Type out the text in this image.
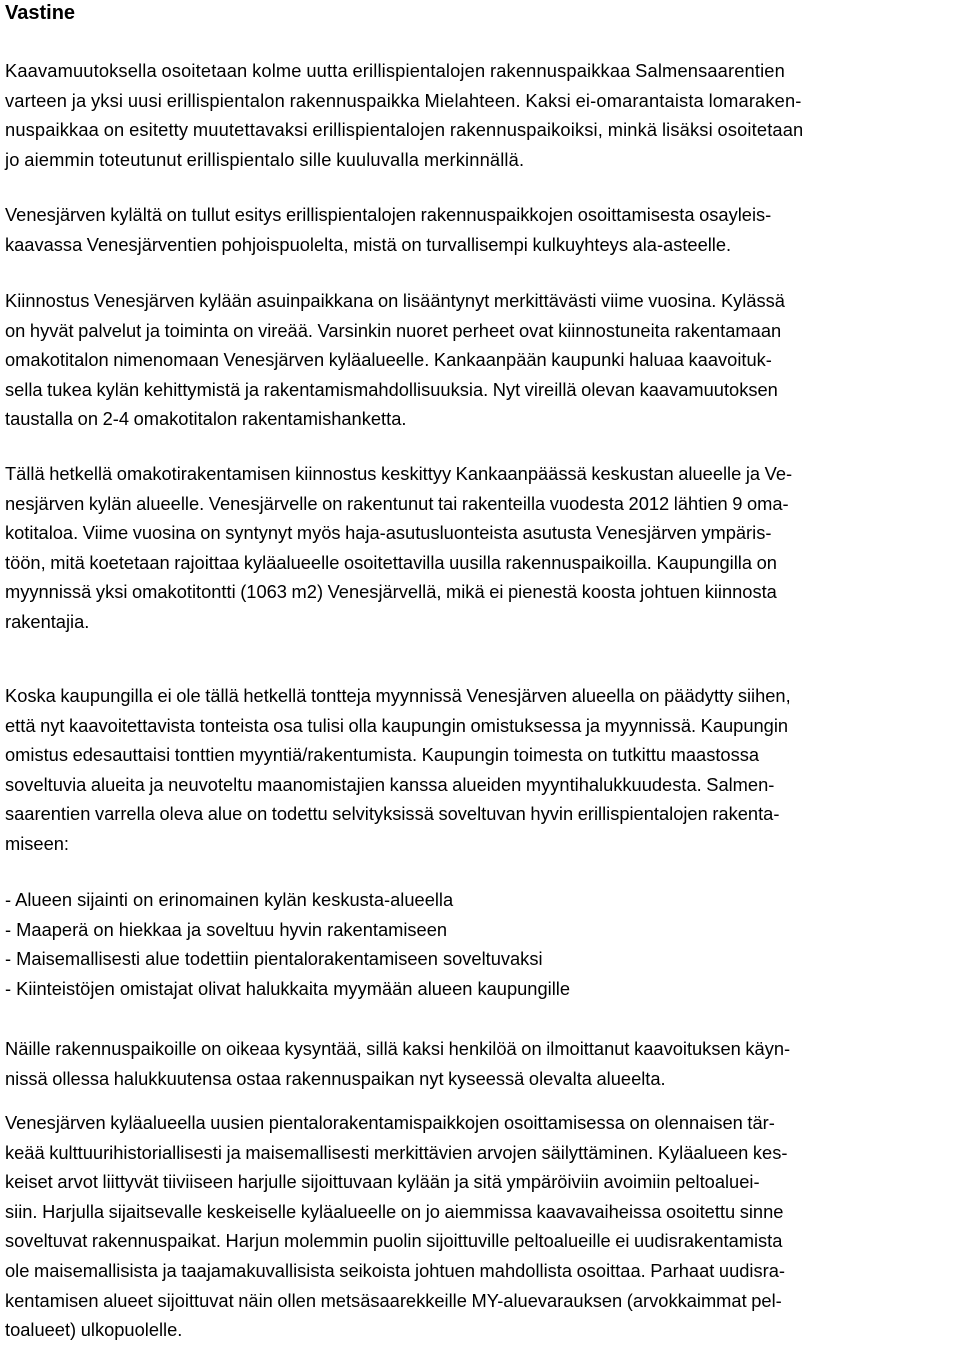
Vastine

Kaavamuutoksella osoitetaan kolme uutta erillispientalojen rakennuspaikkaa Salmensaarentien
varteen ja yksi uusi erillispientalon rakennuspaikka Mielahteen. Kaksi ei-omarantaista lomaraken-
nuspaikkaa on esitetty muutettavaksi erillispientalojen rakennuspaikoiksi, minkä lisäksi osoitetaan
jo aiemmin toteutunut erillispientalo sille kuuluvalla merkinnällä.

Venesjärven kylältä on tullut esitys erillispientalojen rakennuspaikkojen osoittamisesta osayleis-
kaavassa Venesjärventien pohjoispuolelta, mistä on turvallisempi kulkuyhteys ala-asteelle.

Kiinnostus Venesjärven kylään asuinpaikkana on lisääntynyt merkittävästi viime vuosina. Kylässä
on hyvät palvelut ja toiminta on vireää. Varsinkin nuoret perheet ovat kiinnostuneita rakentamaan
omakotitalon nimenomaan Venesjärven kyläalueelle. Kankaanpään kaupunki haluaa kaavoituk-
sella tukea kylän kehittymistä ja rakentamismahdollisuuksia. Nyt vireillä olevan kaavamuutoksen
taustalla on 2-4 omakotitalon rakentamishanketta.

Tällä hetkellä omakotirakentamisen kiinnostus keskittyy Kankaanpäässä keskustan alueelle ja Ve-
nesjärven kylän alueelle. Venesjärvelle on rakentunut tai rakenteilla vuodesta 2012 lähtien 9 oma-
kotitaloa. Viime vuosina on syntynyt myös haja-asutusluonteista asutusta Venesjärven ympäris-
töön, mitä koetetaan rajoittaa kyläalueelle osoitettavilla uusilla rakennuspaikoilla. Kaupungilla on
myynnissä yksi omakotitontti (1063 m2) Venesjärvellä, mikä ei pienestä koosta johtuen kiinnosta
rakentajia.

Koska kaupungilla ei ole tällä hetkellä tontteja myynnissä Venesjärven alueella on päädytty siihen,
että nyt kaavoitettavista tonteista osa tulisi olla kaupungin omistuksessa ja myynnissä. Kaupungin
omistus edesauttaisi tonttien myyntiä/rakentumista. Kaupungin toimesta on tutkittu maastossa
soveltuvia alueita ja neuvoteltu maanomistajien kanssa alueiden myyntihalukkuudesta. Salmen-
saarentien varrella oleva alue on todettu selvityksissä soveltuvan hyvin erillispientalojen rakenta-
miseen:

- Alueen sijainti on erinomainen kylän keskusta-alueella
- Maaperä on hiekkaa ja soveltuu hyvin rakentamiseen
- Maisemallisesti alue todettiin pientalorakentamiseen soveltuvaksi
- Kiinteistöjen omistajat olivat halukkaita myymään alueen kaupungille

Näille rakennuspaikoille on oikeaa kysyntää, sillä kaksi henkilöä on ilmoittanut kaavoituksen käyn-
nissä ollessa halukkuutensa ostaa rakennuspaikan nyt kyseessä olevalta alueelta.

Venesjärven kyläalueella uusien pientalorakentamispaikkojen osoittamisessa on olennaisen tär-
keää kulttuurihistoriallisesti ja maisemallisesti merkittävien arvojen säilyttäminen. Kyläalueen kes-
keiset arvot liittyvät tiiviiseen harjulle sijoittuvaan kylään ja sitä ympäröiviin avoimiin peltoaluei-
siin. Harjulla sijaitsevalle keskeiselle kyläalueelle on jo aiemmissa kaavavaiheissa osoitettu sinne
soveltuvat rakennuspaikat. Harjun molemmin puolin sijoittuville peltoalueille ei uudisrakentamista
ole maisemallisista ja taajamakuvallisista seikoista johtuen mahdollista osoittaa. Parhaat uudisra-
kentamisen alueet sijoittuvat näin ollen metsäsaarekkeille MY-aluevarauksen (arvokkaimmat pel-
toalueet) ulkopuolelle.
